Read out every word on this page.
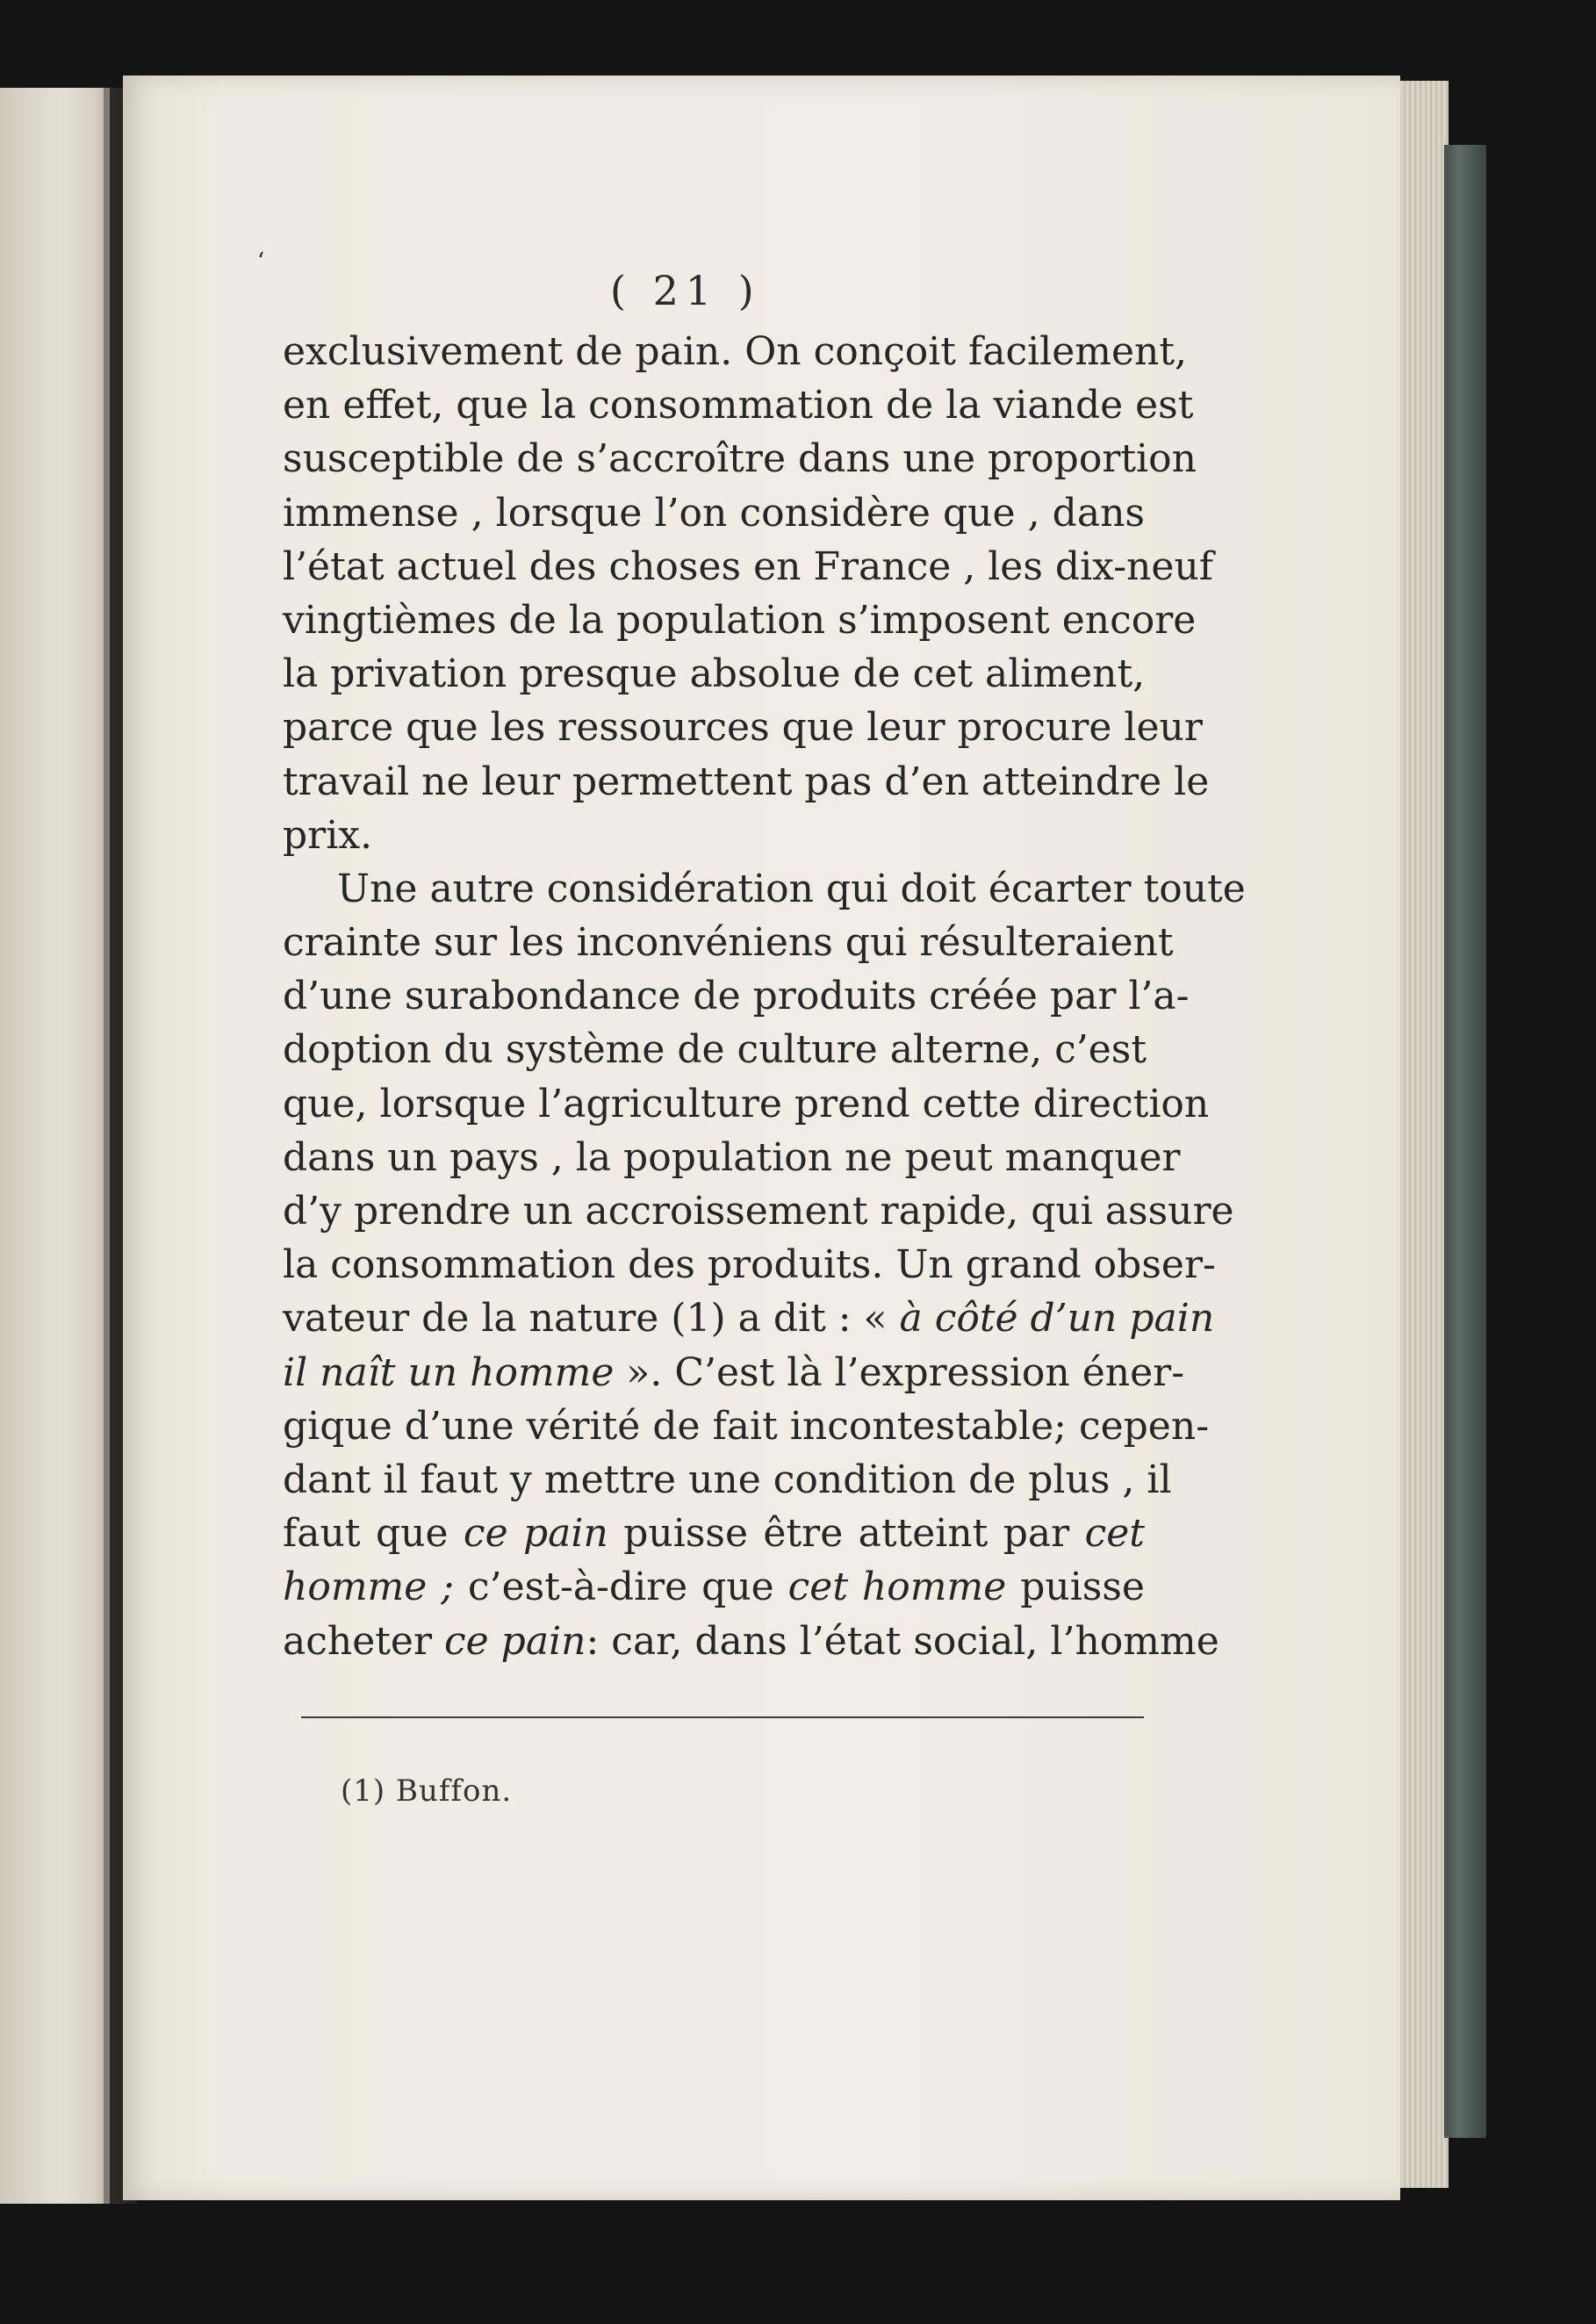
ʻ
( 21 )
exclusivement de pain. On conçoit facilement,
en effet, que la consommation de la viande est
susceptible de s’accroître dans une proportion
immense , lorsque l’on considère que , dans
l’état actuel des choses en France , les dix-neuf
vingtièmes de la population s’imposent encore
la privation presque absolue de cet aliment,
parce que les ressources que leur procure leur
travail ne leur permettent pas d’en atteindre le
prix.
Une autre considération qui doit écarter toute
crainte sur les inconvéniens qui résulteraient
d’une surabondance de produits créée par l’a-
doption du système de culture alterne, c’est
que, lorsque l’agriculture prend cette direction
dans un pays , la population ne peut manquer
d’y prendre un accroissement rapide, qui assure
la consommation des produits. Un grand obser-
vateur de la nature (1) a dit : « à côté d’un pain
il naît un homme ». C’est là l’expression éner-
gique d’une vérité de fait incontestable; cepen-
dant il faut y mettre une condition de plus , il
faut que ce pain puisse être atteint par cet
homme ; c’est-à-dire que cet homme puisse
acheter ce pain: car, dans l’état social, l’homme
(1) Buffon.
